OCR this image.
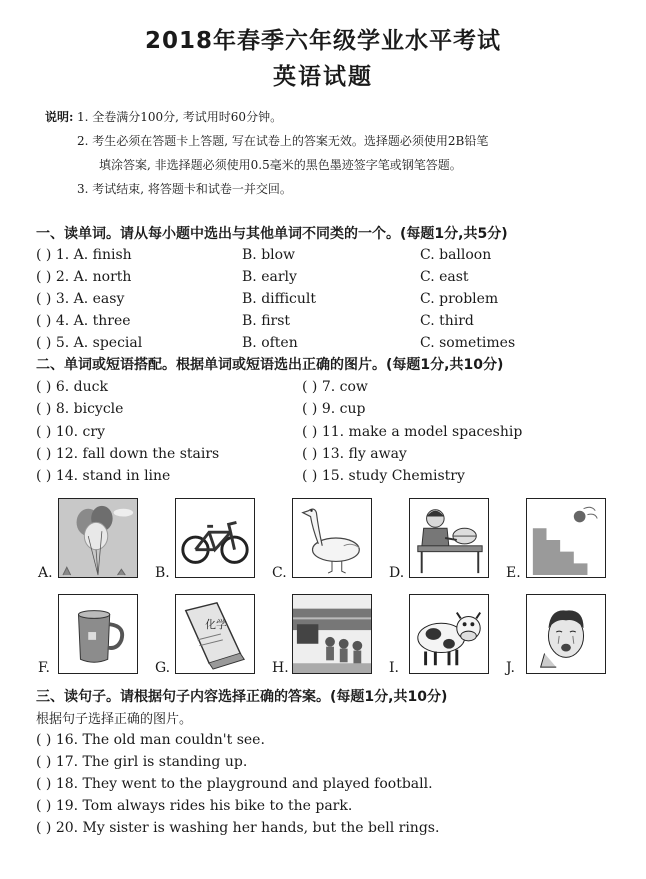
2018年春季六年级学业水平考试
英语试题
说明: 1. 全卷满分100分, 考试用时60分钟。
2. 考生必须在答题卡上答题, 写在试卷上的答案无效。选择题必须使用2B铅笔
填涂答案, 非选择题必须使用0.5毫米的黑色墨迹签字笔或钢笔答题。
3. 考试结束, 将答题卡和试卷一并交回。
一、读单词。请从每小题中选出与其他单词不同类的一个。(每题1分,共5分)
( ) 1. A. finish	B. blow	C. balloon
( ) 2. A. north	B. early	C. east
( ) 3. A. easy	B. difficult	C. problem
( ) 4. A. three	B. first	C. third
( ) 5. A. special	B. often	C. sometimes
二、单词或短语搭配。根据单词或短语选出正确的图片。(每题1分,共10分)
( ) 6. duck	( ) 7. cow
( ) 8. bicycle	( ) 9. cup
( ) 10. cry	( ) 11. make a model spaceship
( ) 12. fall down the stairs	( ) 13. fly away
( ) 14. stand in line	( ) 15. study Chemistry
A.	B.	C.	D.	E.
F.
化学
G.	H.	I.	J.
三、读句子。请根据句子内容选择正确的答案。(每题1分,共10分)
根据句子选择正确的图片。
( ) 16. The old man couldn't see.
( ) 17. The girl is standing up.
( ) 18. They went to the playground and played football.
( ) 19. Tom always rides his bike to the park.
( ) 20. My sister is washing her hands, but the bell rings.
